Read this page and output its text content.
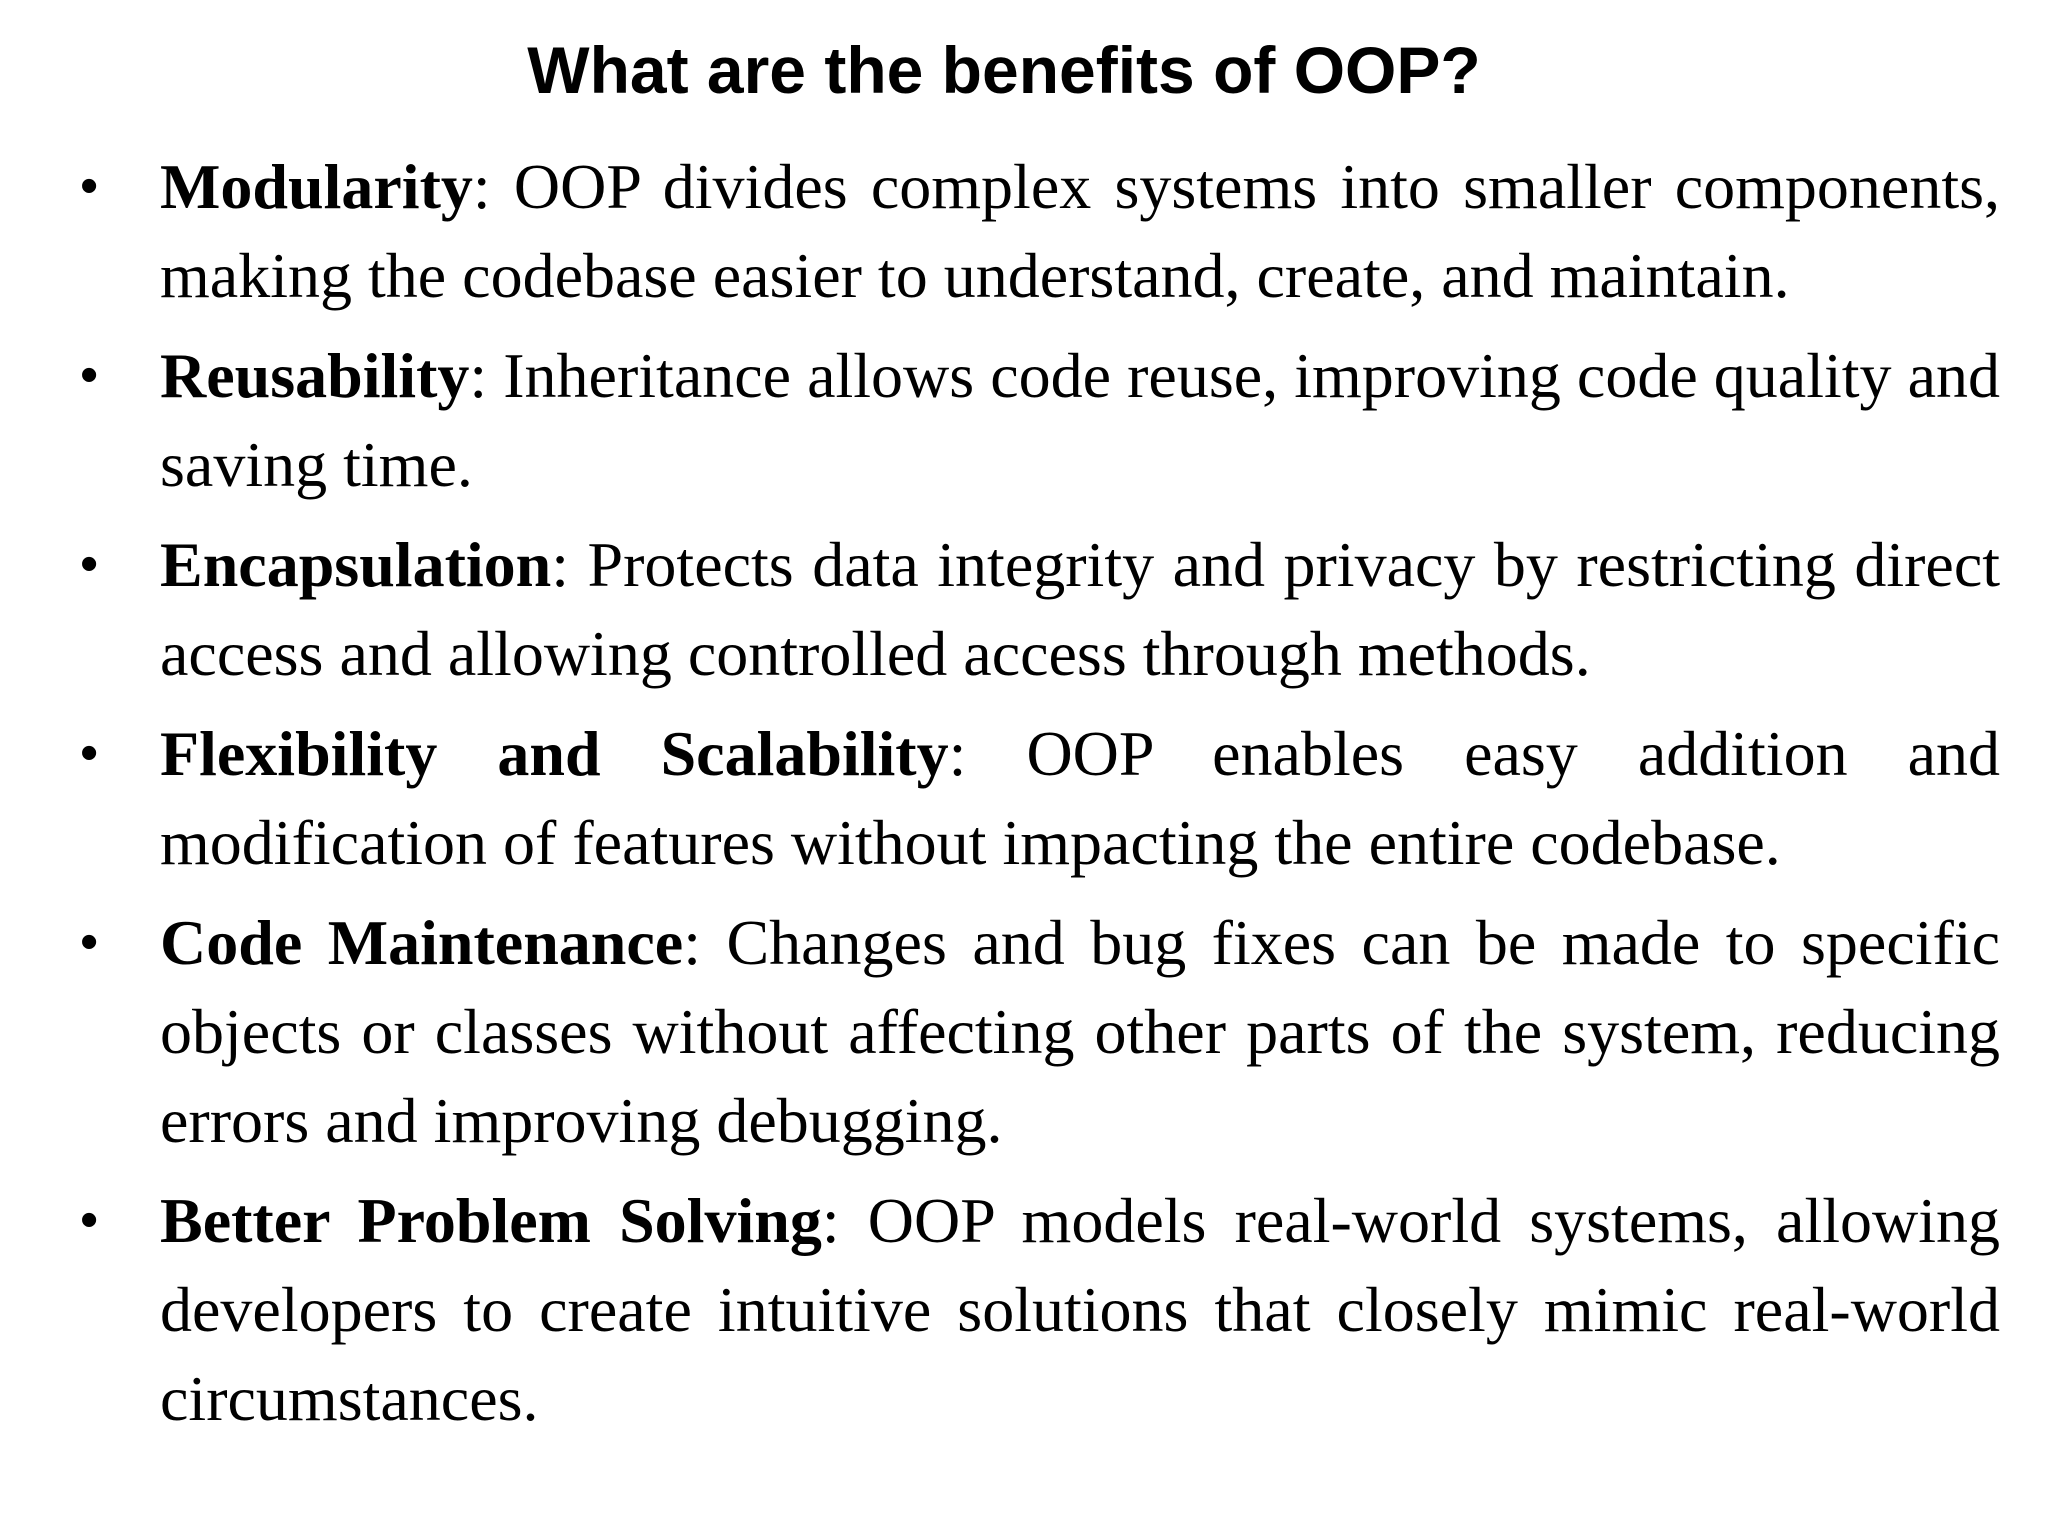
What are the benefits of OOP?
• Modularity: OOP divides complex systems into smaller components, making the codebase easier to understand, create, and maintain.
• Reusability: Inheritance allows code reuse, improving code quality and saving time.
• Encapsulation: Protects data integrity and privacy by restricting direct access and allowing controlled access through methods.
• Flexibility and Scalability: OOP enables easy addition and modification of features without impacting the entire codebase.
• Code Maintenance: Changes and bug fixes can be made to specific objects or classes without affecting other parts of the system, reducing errors and improving debugging.
• Better Problem Solving: OOP models real-world systems, allowing developers to create intuitive solutions that closely mimic real-world circumstances.
